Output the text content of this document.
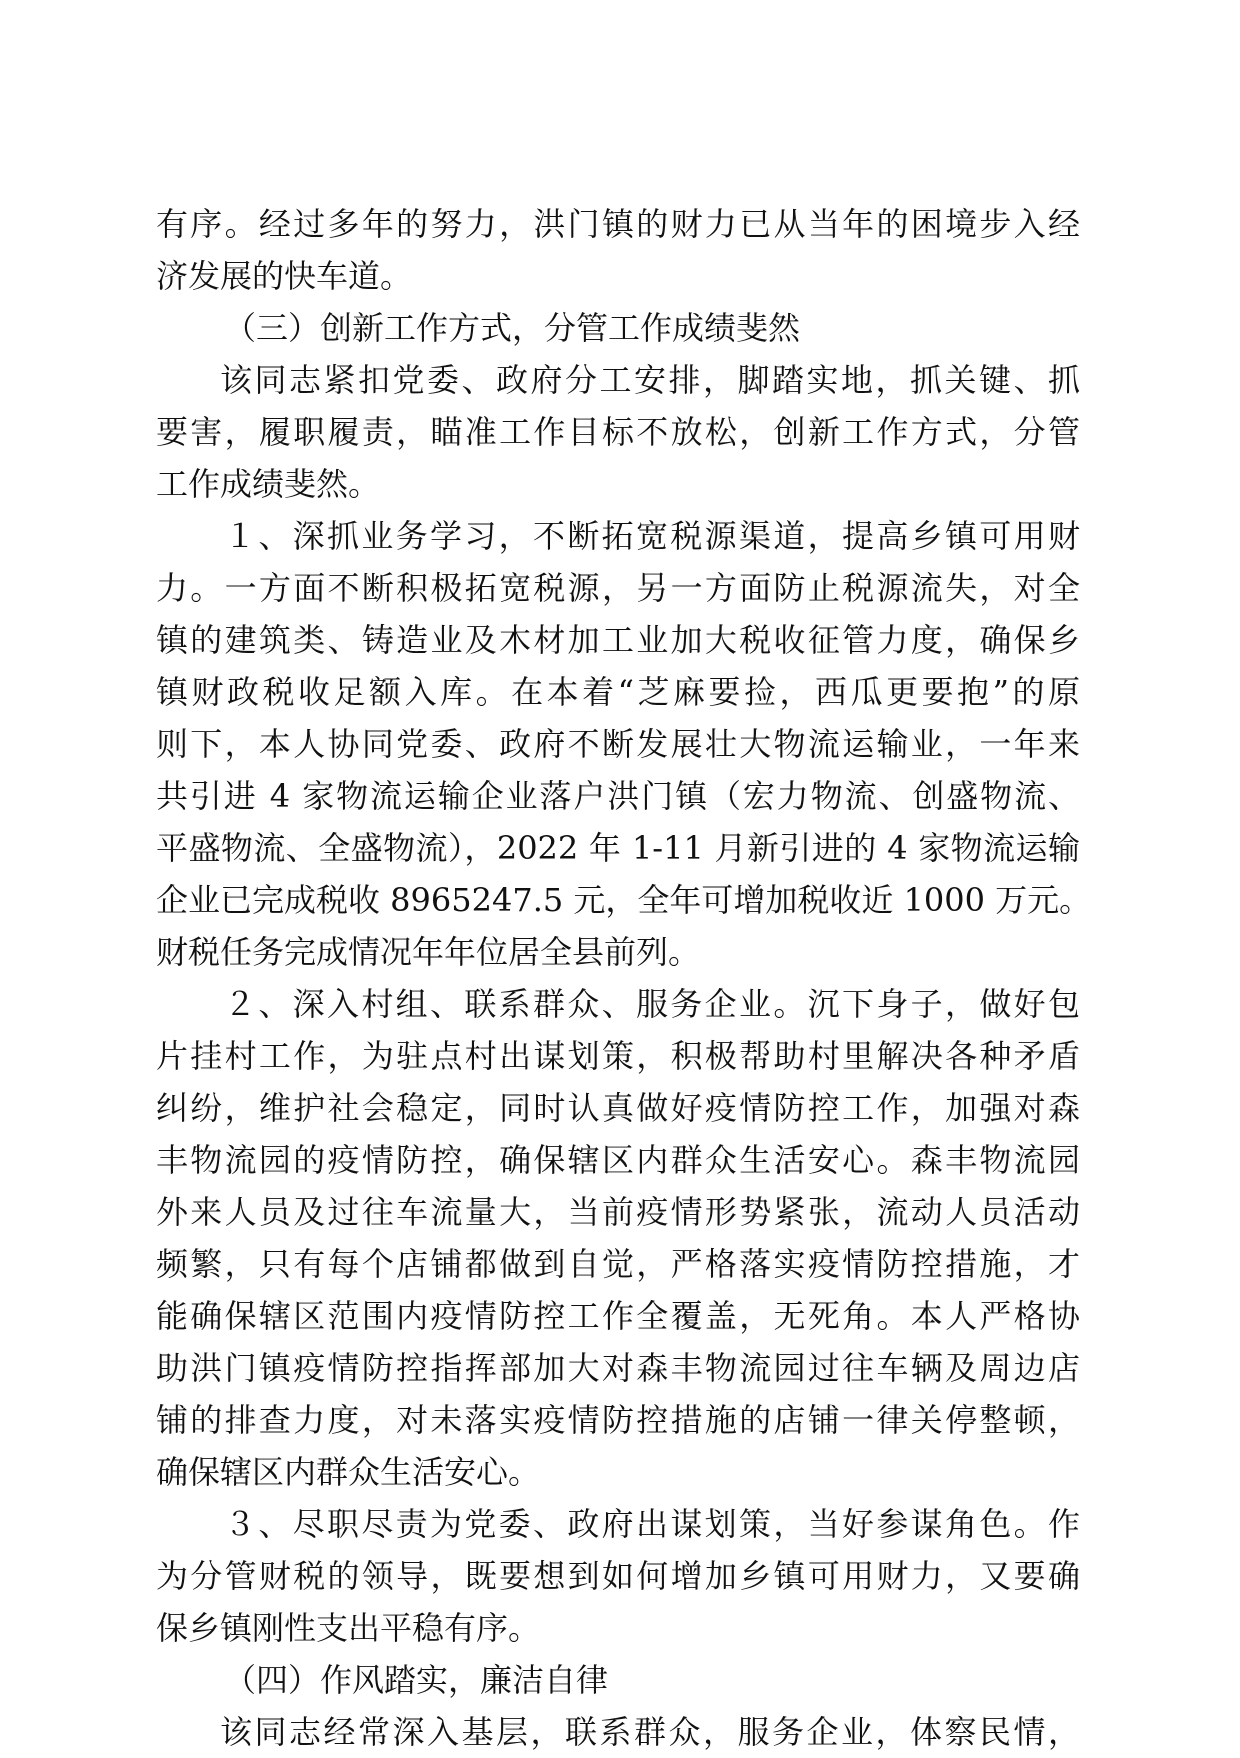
有序。经过多年的努力，洪门镇的财力已从当年的困境步入经
济发展的快车道。
（三）创新工作方式，分管工作成绩斐然
该同志紧扣党委、政府分工安排，脚踏实地，抓关键、抓
要害，履职履责，瞄准工作目标不放松，创新工作方式，分管
工作成绩斐然。
１、深抓业务学习，不断拓宽税源渠道，提高乡镇可用财
力。一方面不断积极拓宽税源，另一方面防止税源流失，对全
镇的建筑类、铸造业及木材加工业加大税收征管力度，确保乡
镇财政税收足额入库。在本着“芝麻要捡，西瓜更要抱”的原
则下，本人协同党委、政府不断发展壮大物流运输业，一年来
共引进 4 家物流运输企业落户洪门镇（宏力物流、创盛物流、
平盛物流、全盛物流），2022 年 1-11 月新引进的 4 家物流运输
企业已完成税收 8965247.5 元，全年可增加税收近 1000 万元。
财税任务完成情况年年位居全县前列。
２、深入村组、联系群众、服务企业。沉下身子，做好包
片挂村工作，为驻点村出谋划策，积极帮助村里解决各种矛盾
纠纷，维护社会稳定，同时认真做好疫情防控工作，加强对森
丰物流园的疫情防控，确保辖区内群众生活安心。森丰物流园
外来人员及过往车流量大，当前疫情形势紧张，流动人员活动
频繁，只有每个店铺都做到自觉，严格落实疫情防控措施，才
能确保辖区范围内疫情防控工作全覆盖，无死角。本人严格协
助洪门镇疫情防控指挥部加大对森丰物流园过往车辆及周边店
铺的排查力度，对未落实疫情防控措施的店铺一律关停整顿，
确保辖区内群众生活安心。
３、尽职尽责为党委、政府出谋划策，当好参谋角色。作
为分管财税的领导，既要想到如何增加乡镇可用财力，又要确
保乡镇刚性支出平稳有序。
（四）作风踏实，廉洁自律
该同志经常深入基层，联系群众，服务企业，体察民情，
